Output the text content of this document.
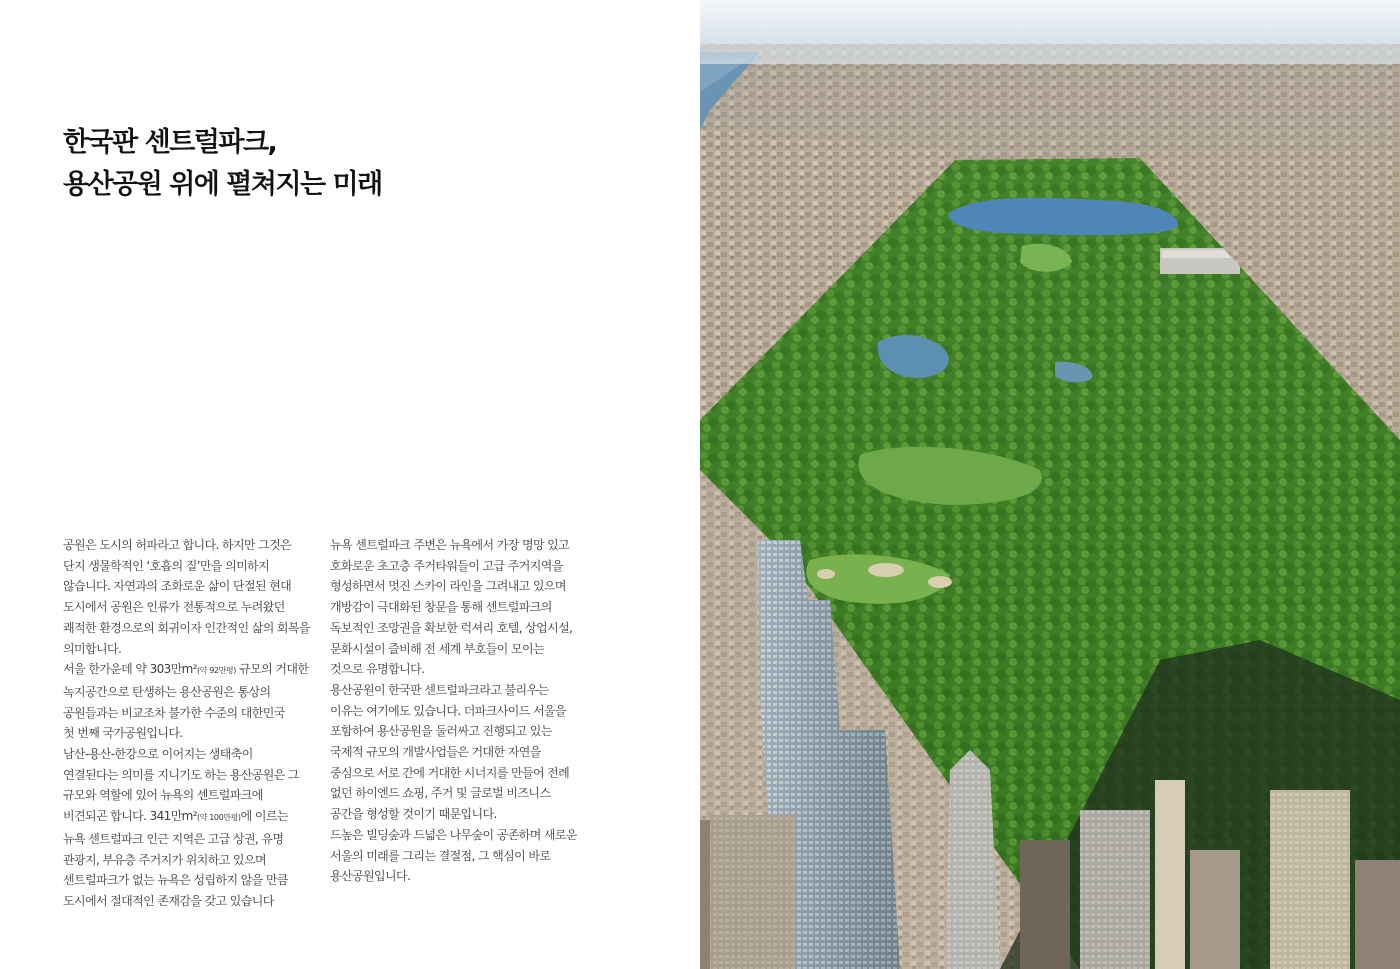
한국판 센트럴파크,
용산공원 위에 펼쳐지는 미래
공원은 도시의 허파라고 합니다. 하지만 그것은
단지 생물학적인 ‘호흡의 질’만을 의미하지
않습니다. 자연과의 조화로운 삶이 단절된 현대
도시에서 공원은 인류가 전통적으로 누려왔던
쾌적한 환경으로의 회귀이자 인간적인 삶의 회복을
의미합니다.
서울 한가운데 약 303만m²(약 92만평) 규모의 거대한
녹지공간으로 탄생하는 용산공원은 통상의
공원들과는 비교조차 불가한 수준의 대한민국
첫 번째 국가공원입니다.
남산-용산-한강으로 이어지는 생태축이
연결된다는 의미를 지니기도 하는 용산공원은 그
규모와 역할에 있어 뉴욕의 센트럴파크에
비견되곤 합니다. 341만m²(약 100만평)에 이르는
뉴욕 센트럴파크 인근 지역은 고급 상권, 유명
관광지, 부유층 주거지가 위치하고 있으며
센트럴파크가 없는 뉴욕은 성립하지 않을 만큼
도시에서 절대적인 존재감을 갖고 있습니다
뉴욕 센트럴파크 주변은 뉴욕에서 가장 명망 있고
호화로운 초고층 주거타워들이 고급 주거지역을
형성하면서 멋진 스카이 라인을 그려내고 있으며
개방감이 극대화된 창문을 통해 센트럴파크의
독보적인 조망권을 확보한 럭셔리 호텔, 상업시설,
문화시설이 즐비해 전 세계 부호들이 모이는
것으로 유명합니다.
용산공원이 한국판 센트럴파크라고 불리우는
이유는 여기에도 있습니다. 더파크사이드 서울을
포함하여 용산공원을 둘러싸고 진행되고 있는
국제적 규모의 개발사업들은 거대한 자연을
중심으로 서로 간에 거대한 시너지를 만들어 전례
없던 하이엔드 쇼핑, 주거 및 글로벌 비즈니스
공간을 형성할 것이기 때문입니다.
드높은 빌딩숲과 드넓은 나무숲이 공존하며 새로운
서울의 미래를 그리는 결절점, 그 핵심이 바로
용산공원입니다.
